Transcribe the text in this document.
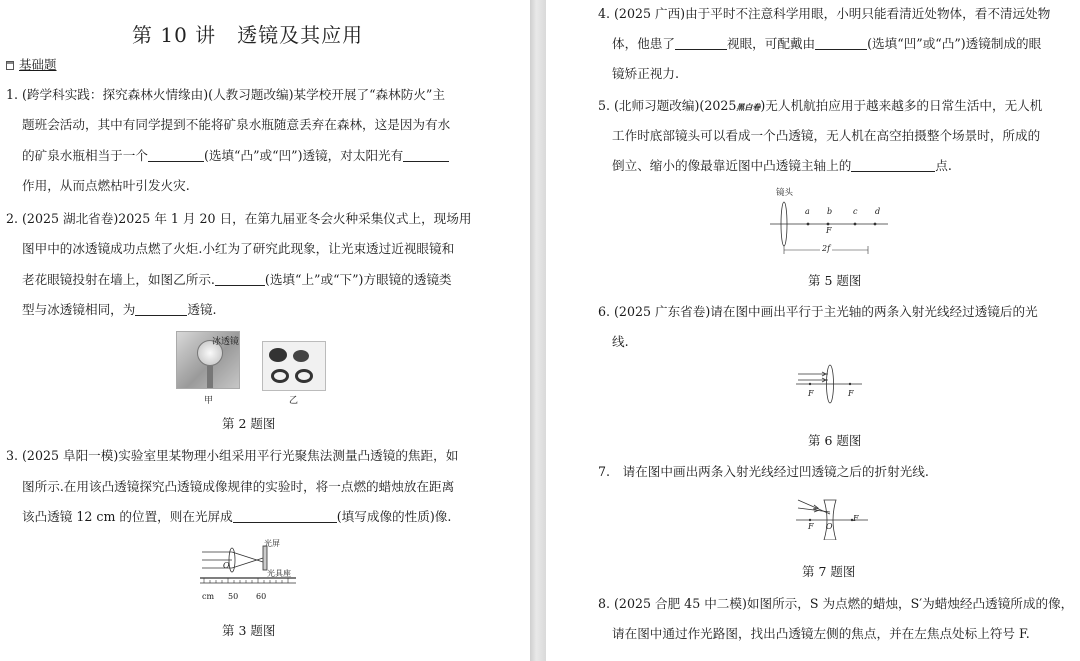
第 10 讲　透镜及其应用
基础题
1. (跨学科实践：探究森林火情缘由)(人教习题改编)某学校开展了“森林防火”主
题班会活动，其中有同学提到不能将矿泉水瓶随意丢弃在森林，这是因为有水
的矿泉水瓶相当于一个	(选填“凸”或“凹”)透镜，对太阳光有
作用，从而点燃枯叶引发火灾.
2. (2025 湖北省卷)2025 年 1 月 20 日，在第九届亚冬会火种采集仪式上，现场用
图甲中的冰透镜成功点燃了火炬.小红为了研究此现象，让光束透过近视眼镜和
老花眼镜投射在墙上，如图乙所示.	(选填“上”或“下”)方眼镜的透镜类
型与冰透镜相同，为	透镜.
冰透镜
甲	乙
第 2 题图
3. (2025 阜阳一模)实验室里某物理小组采用平行光聚焦法测量凸透镜的焦距，如
图所示.在用该凸透镜探究凸透镜成像规律的实验时，将一点燃的蜡烛放在距离
该凸透镜 12 cm 的位置，则在光屏成	(填写成像的性质)像.
光屏
光具座
O
cm 50 60
第 3 题图
4. (2025 广西)由于平时不注意科学用眼，小明只能看清近处物体，看不清远处物
体，他患了	视眼，可配戴由	(选填“凹”或“凸”)透镜制成的眼
镜矫正视力.
5. (北师习题改编)(2025黑白卷)无人机航拍应用于越来越多的日常生活中，无人机
工作时底部镜头可以看成一个凸透镜，无人机在高空拍摄整个场景时，所成的
倒立、缩小的像最靠近图中凸透镜主轴上的	点.
镜头
a b	c d
F
2f
第 5 题图
6. (2025 广东省卷)请在图中画出平行于主光轴的两条入射光线经过透镜后的光
线.
F	F
第 6 题图
7.　请在图中画出两条入射光线经过凹透镜之后的折射光线.
F O
F
第 7 题图
8. (2025 合肥 45 中二模)如图所示，S 为点燃的蜡烛，S′为蜡烛经凸透镜所成的像，
请在图中通过作光路图，找出凸透镜左侧的焦点，并在左焦点处标上符号 F.
